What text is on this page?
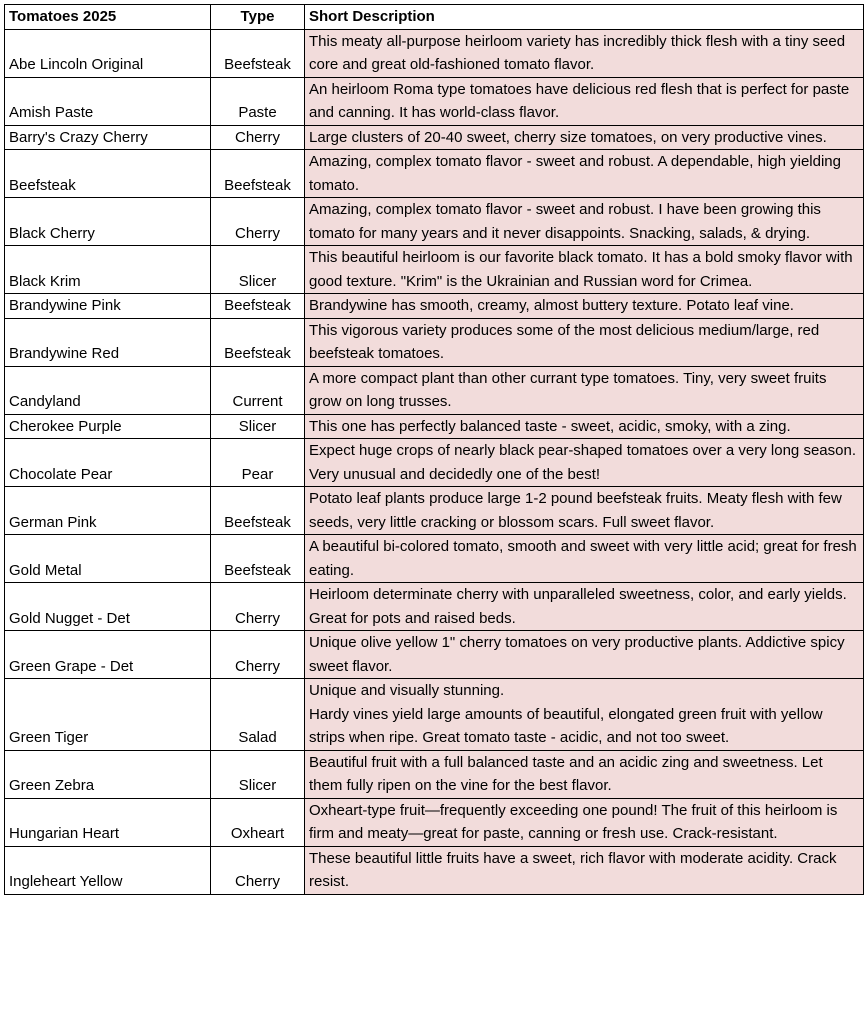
Tomatoes 2025	Type	Short Description
Abe Lincoln Original	Beefsteak	This meaty all-purpose heirloom variety has incredibly thick flesh with a tiny seed core and great old-fashioned tomato flavor.
Amish Paste	Paste	An heirloom Roma type tomatoes have delicious red flesh that is perfect for paste and canning. It has world-class flavor.
Barry's Crazy Cherry	Cherry	Large clusters of 20-40 sweet, cherry size tomatoes, on very productive vines.
Beefsteak	Beefsteak	Amazing, complex tomato flavor - sweet and robust. A dependable, high yielding tomato.
Black Cherry	Cherry	Amazing, complex tomato flavor - sweet and robust. I have been growing this tomato for many years and it never disappoints. Snacking, salads, & drying.
Black Krim	Slicer	This beautiful heirloom is our favorite black tomato. It has a bold smoky flavor with good texture. "Krim" is the Ukrainian and Russian word for Crimea.
Brandywine Pink	Beefsteak	Brandywine has smooth, creamy, almost buttery texture. Potato leaf vine.
Brandywine Red	Beefsteak	This vigorous variety produces some of the most delicious medium/large, red beefsteak tomatoes.
Candyland	Current	A more compact plant than other currant type tomatoes. Tiny, very sweet fruits grow on long trusses.
Cherokee Purple	Slicer	This one has perfectly balanced taste - sweet, acidic, smoky, with a zing.
Chocolate Pear	Pear	Expect huge crops of nearly black pear-shaped tomatoes over a very long season. Very unusual and decidedly one of the best!
German Pink	Beefsteak	Potato leaf plants produce large 1-2 pound beefsteak fruits. Meaty flesh with few seeds, very little cracking or blossom scars. Full sweet flavor.
Gold Metal	Beefsteak	A beautiful bi-colored tomato, smooth and sweet with very little acid; great for fresh eating.
Gold Nugget - Det	Cherry	Heirloom determinate cherry with unparalleled sweetness, color, and early yields. Great for pots and raised beds.
Green Grape - Det	Cherry	Unique olive yellow 1" cherry tomatoes on very productive plants. Addictive spicy sweet flavor.
Green Tiger	Salad	Unique and visually stunning.
Hardy vines yield large amounts of beautiful, elongated green fruit with yellow strips when ripe. Great tomato taste - acidic, and not too sweet.
Green Zebra	Slicer	Beautiful fruit with a full balanced taste and an acidic zing and sweetness. Let them fully ripen on the vine for the best flavor.
Hungarian Heart	Oxheart	Oxheart-type fruit—frequently exceeding one pound! The fruit of this heirloom is firm and meaty—great for paste, canning or fresh use. Crack-resistant.
Ingleheart Yellow	Cherry	These beautiful little fruits have a sweet, rich flavor with moderate acidity. Crack resist.
